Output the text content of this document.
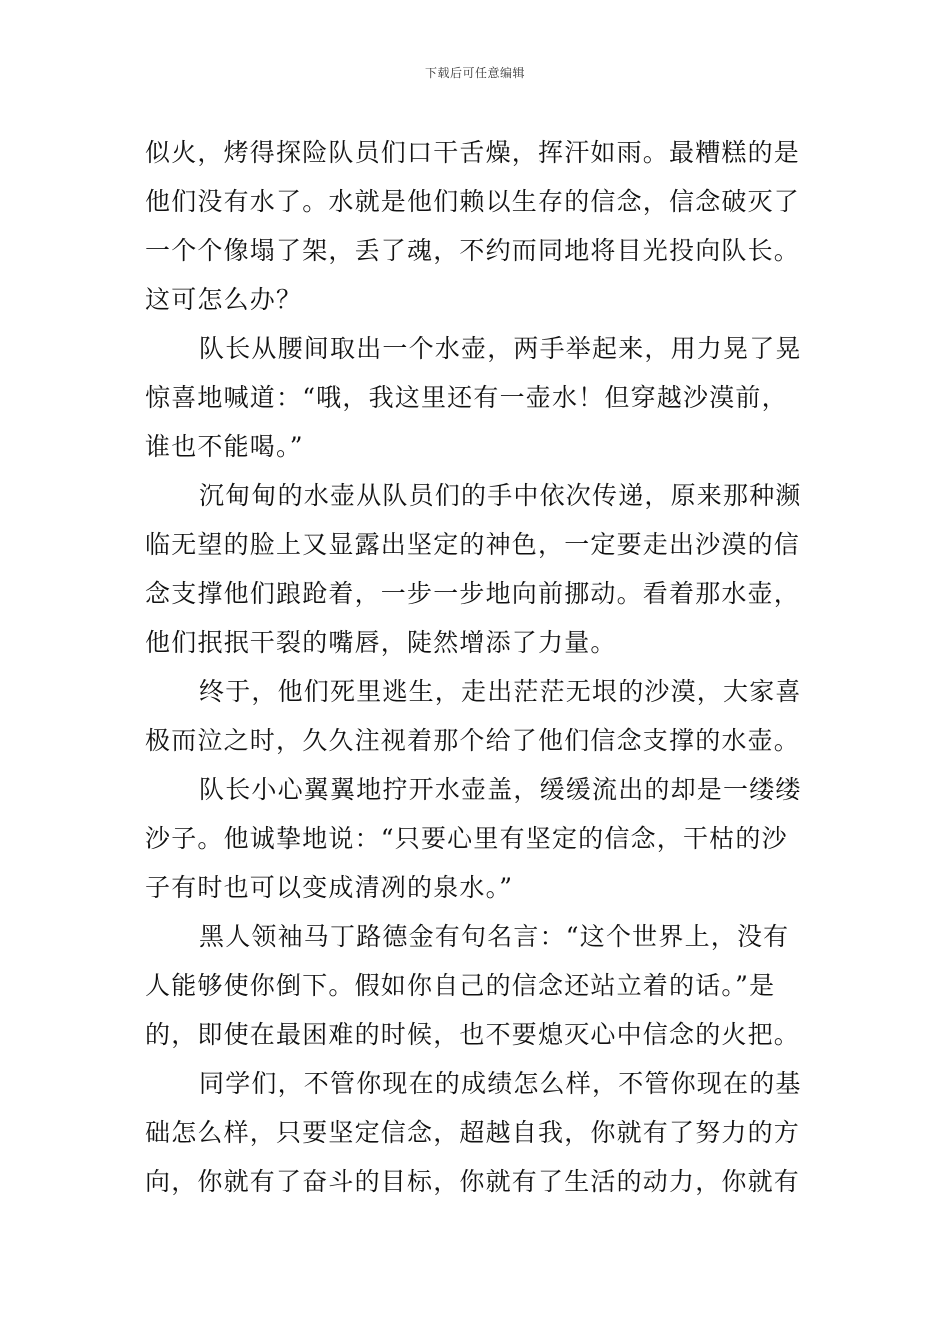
下载后可任意编辑
似火，烤得探险队员们口干舌燥，挥汗如雨。最糟糕的是
他们没有水了。水就是他们赖以生存的信念，信念破灭了
一个个像塌了架，丢了魂，不约而同地将目光投向队长。
这可怎么办？
队长从腰间取出一个水壶，两手举起来，用力晃了晃
惊喜地喊道：“哦，我这里还有一壶水！但穿越沙漠前，
谁也不能喝。”
沉甸甸的水壶从队员们的手中依次传递，原来那种濒
临无望的脸上又显露出坚定的神色，一定要走出沙漠的信
念支撑他们踉跄着，一步一步地向前挪动。看着那水壶，
他们抿抿干裂的嘴唇，陡然增添了力量。
终于，他们死里逃生，走出茫茫无垠的沙漠，大家喜
极而泣之时，久久注视着那个给了他们信念支撑的水壶。
队长小心翼翼地拧开水壶盖，缓缓流出的却是一缕缕
沙子。他诚挚地说：“只要心里有坚定的信念，干枯的沙
子有时也可以变成清冽的泉水。”
黑人领袖马丁路德金有句名言：“这个世界上，没有
人能够使你倒下。假如你自己的信念还站立着的话。”是
的，即使在最困难的时候，也不要熄灭心中信念的火把。
同学们，不管你现在的成绩怎么样，不管你现在的基
础怎么样，只要坚定信念，超越自我，你就有了努力的方
向，你就有了奋斗的目标，你就有了生活的动力，你就有
